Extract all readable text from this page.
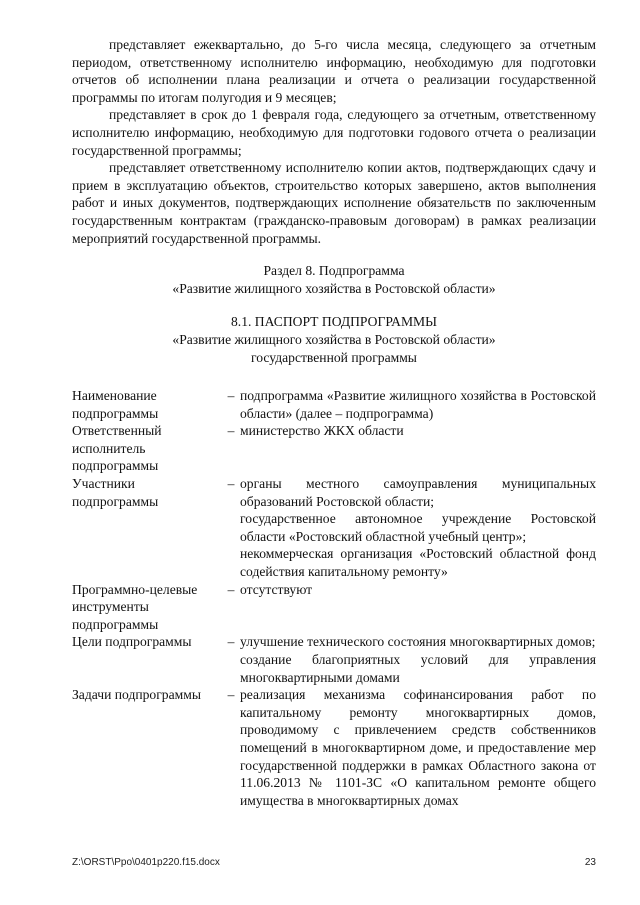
представляет ежеквартально, до 5-го числа месяца, следующего за отчетным периодом, ответственному исполнителю информацию, необходимую для подготовки отчетов об исполнении плана реализации и отчета о реализации государственной программы по итогам полугодия и 9 месяцев;

представляет в срок до 1 февраля года, следующего за отчетным, ответственному исполнителю информацию, необходимую для подготовки годового отчета о реализации государственной программы;

представляет ответственному исполнителю копии актов, подтверждающих сдачу и прием в эксплуатацию объектов, строительство которых завершено, актов выполнения работ и иных документов, подтверждающих исполнение обязательств по заключенным государственным контрактам (гражданско-правовым договорам) в рамках реализации мероприятий государственной программы.

Раздел 8. Подпрограмма

«Развитие жилищного хозяйства в Ростовской области»

8.1. ПАСПОРТ ПОДПРОГРАММЫ

«Развитие жилищного хозяйства в Ростовской области»

государственной программы

Наименование подпрограммы	–	подпрограмма «Развитие жилищного хозяйства в Ростовской области» (далее – подпрограмма)

Ответственный исполнитель подпрограммы	–	министерство ЖКХ области

Участники подпрограммы	–	органы местного самоуправления муниципальных образований Ростовской области;
государственное автономное учреждение Ростовской области «Ростовский областной учебный центр»;
некоммерческая организация «Ростовский областной фонд содействия капитальному ремонту»

Программно-целевые инструменты подпрограммы	–	отсутствуют

Цели подпрограммы	–	улучшение технического состояния многоквартирных домов;
создание благоприятных условий для управления многоквартирными домами

Задачи подпрограммы	–	реализация механизма софинансирования работ по капитальному ремонту многоквартирных домов, проводимому с привлечением средств собственников помещений в многоквартирном доме, и предоставление мер государственной поддержки в рамках Областного закона от 11.06.2013 № 1101-ЗС «О капитальном ремонте общего имущества в многоквартирных домах
Z:\ORST\Ppo\0401p220.f15.docx	23
